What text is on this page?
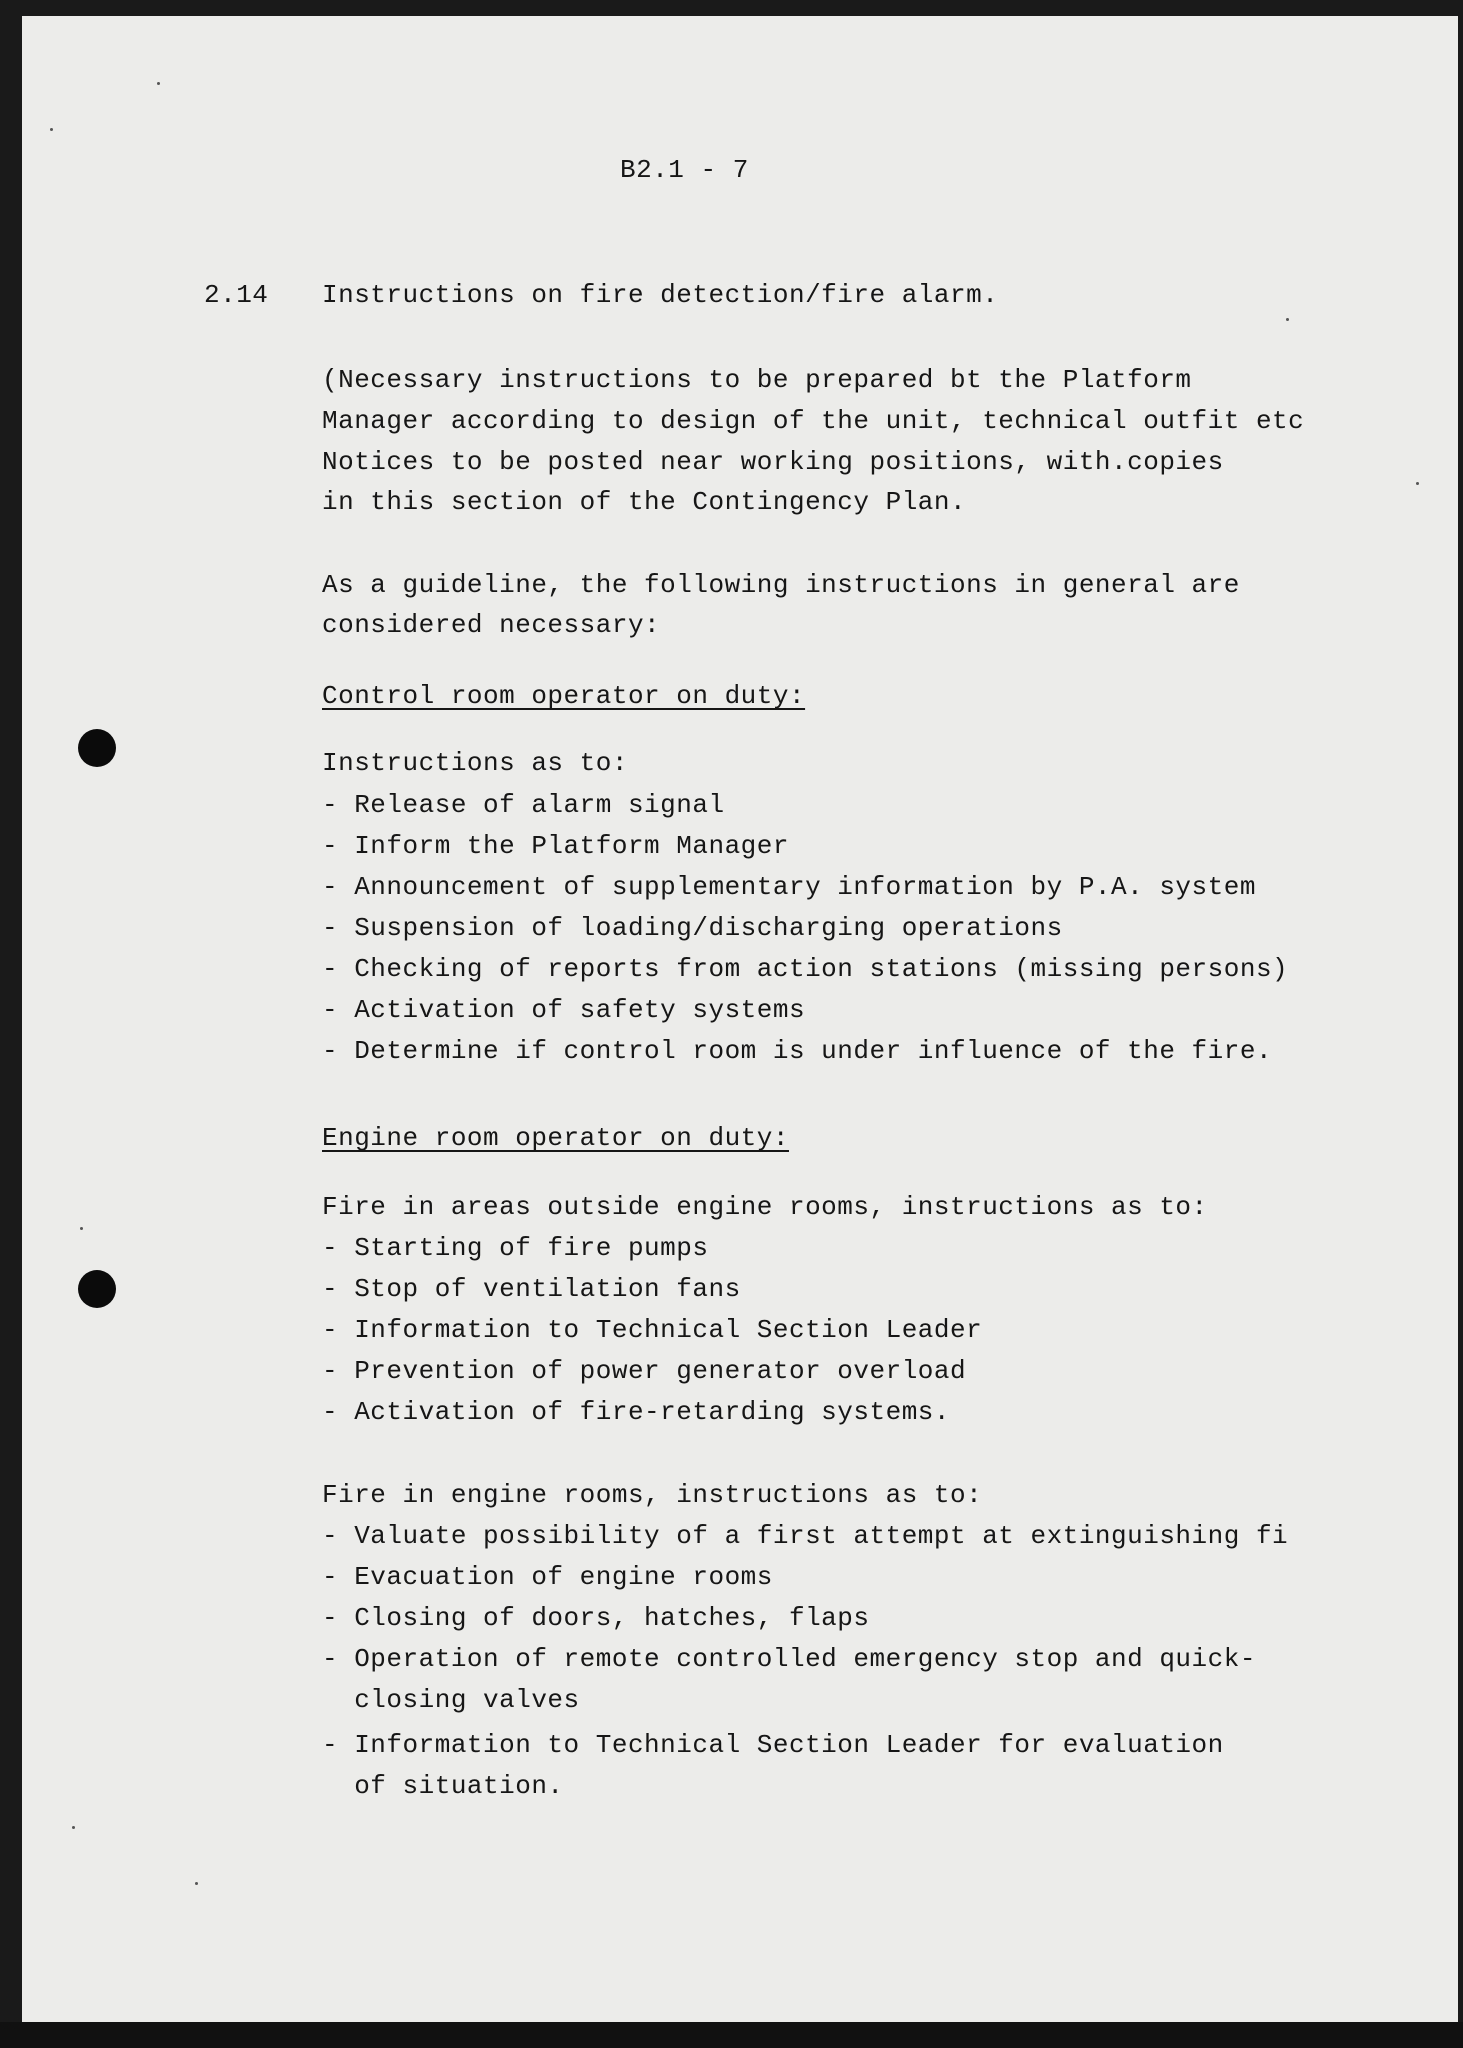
B2.1 - 7
2.14 Instructions on fire detection/fire alarm.
(Necessary instructions to be prepared bt the Platform
Manager according to design of the unit, technical outfit etc
Notices to be posted near working positions, with.copies
in this section of the Contingency Plan.
As a guideline, the following instructions in general are
considered necessary:
Control room operator on duty:
Instructions as to:
- Release of alarm signal
- Inform the Platform Manager
- Announcement of supplementary information by P.A. system
- Suspension of loading/discharging operations
- Checking of reports from action stations (missing persons)
- Activation of safety systems
- Determine if control room is under influence of the fire.
Engine room operator on duty:
Fire in areas outside engine rooms, instructions as to:
- Starting of fire pumps
- Stop of ventilation fans
- Information to Technical Section Leader
- Prevention of power generator overload
- Activation of fire-retarding systems.
Fire in engine rooms, instructions as to:
- Valuate possibility of a first attempt at extinguishing fi
- Evacuation of engine rooms
- Closing of doors, hatches, flaps
- Operation of remote controlled emergency stop and quick-
closing valves
- Information to Technical Section Leader for evaluation
of situation.
